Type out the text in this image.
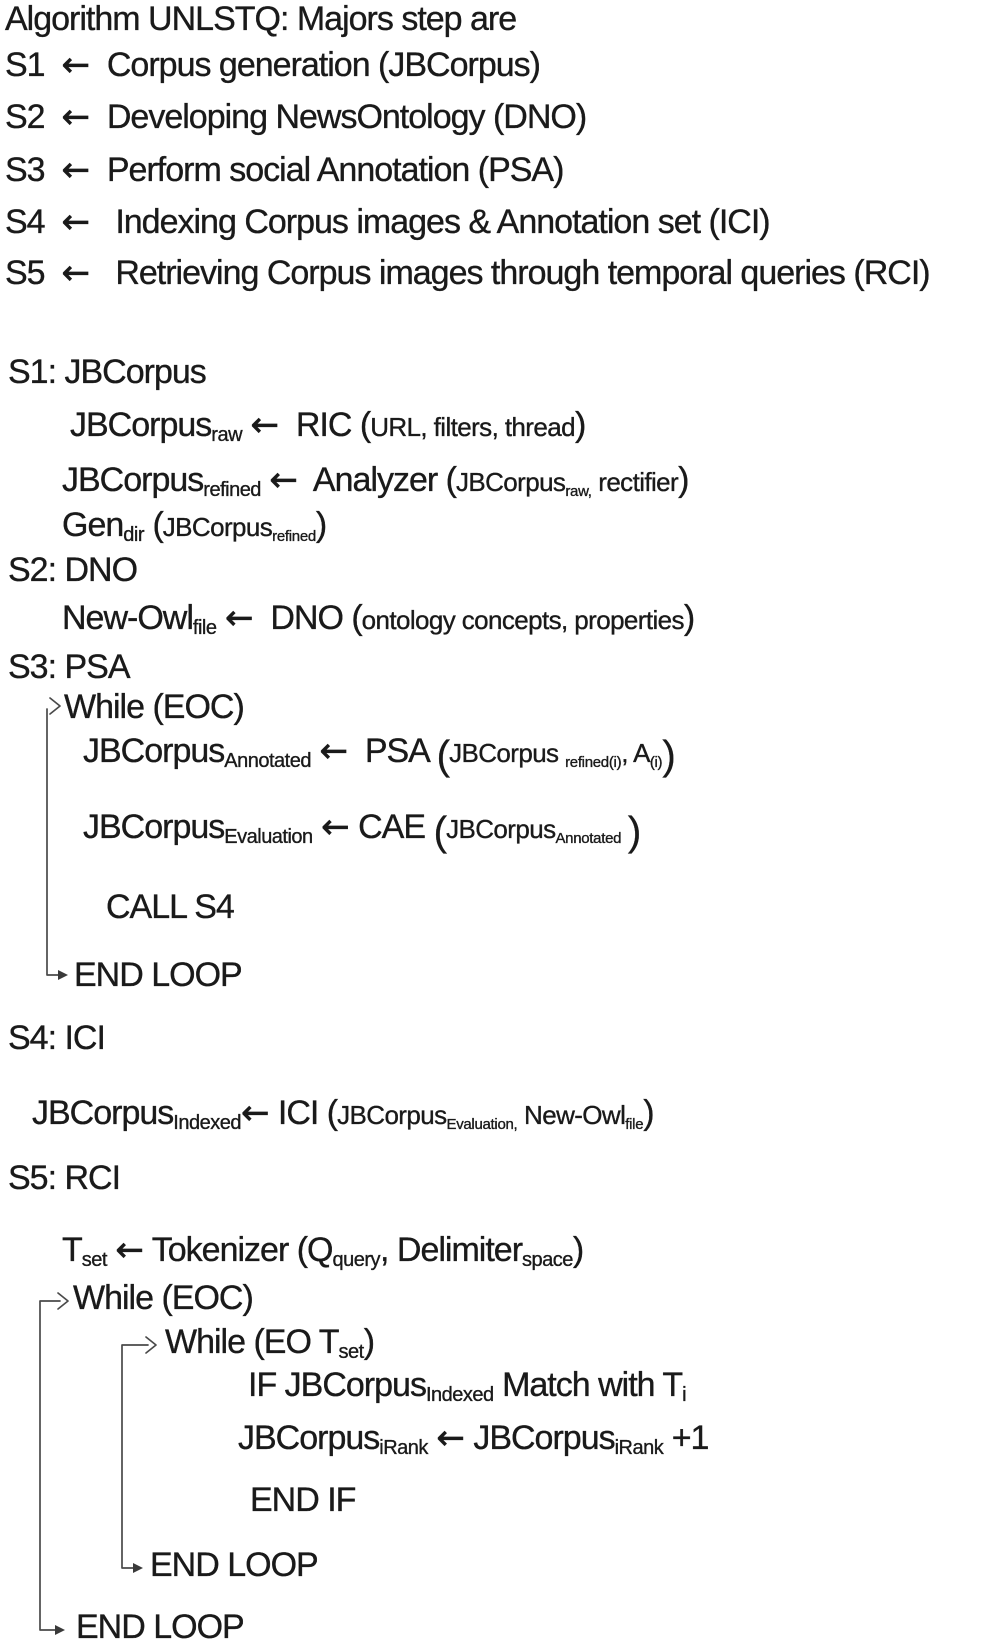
Algorithm UNLSTQ: Majors step are
S1  ←  Corpus generation (JBCorpus)
S2  ←  Developing NewsOntology (DNO)
S3  ←  Perform social Annotation (PSA)
S4  ←   Indexing Corpus images & Annotation set (ICI)
S5  ←   Retrieving Corpus images through temporal queries (RCI)
S1: JBCorpus
JBCorpusraw ←  RIC (URL, filters, thread)
JBCorpusrefined ←  Analyzer (JBCorpusraw, rectifier)
Gendir (JBCorpusrefined)
S2: DNO
New-Owlfile ←  DNO (ontology concepts, properties)
S3: PSA
While (EOC)
JBCorpusAnnotated ←  PSA (JBCorpus refined(i), A(i))
JBCorpusEvaluation ← CAE (JBCorpusAnnotated )
CALL S4
END LOOP
S4: ICI
JBCorpusIndexed← ICI (JBCorpusEvaluation, New-Owlfile)
S5: RCI
Tset ← Tokenizer (Qquery, Delimiterspace)
While (EOC)
While (EO Tset)
IF JBCorpusIndexed Match with Ti
JBCorpusiRank ← JBCorpusiRank +1
END IF
END LOOP
END LOOP
